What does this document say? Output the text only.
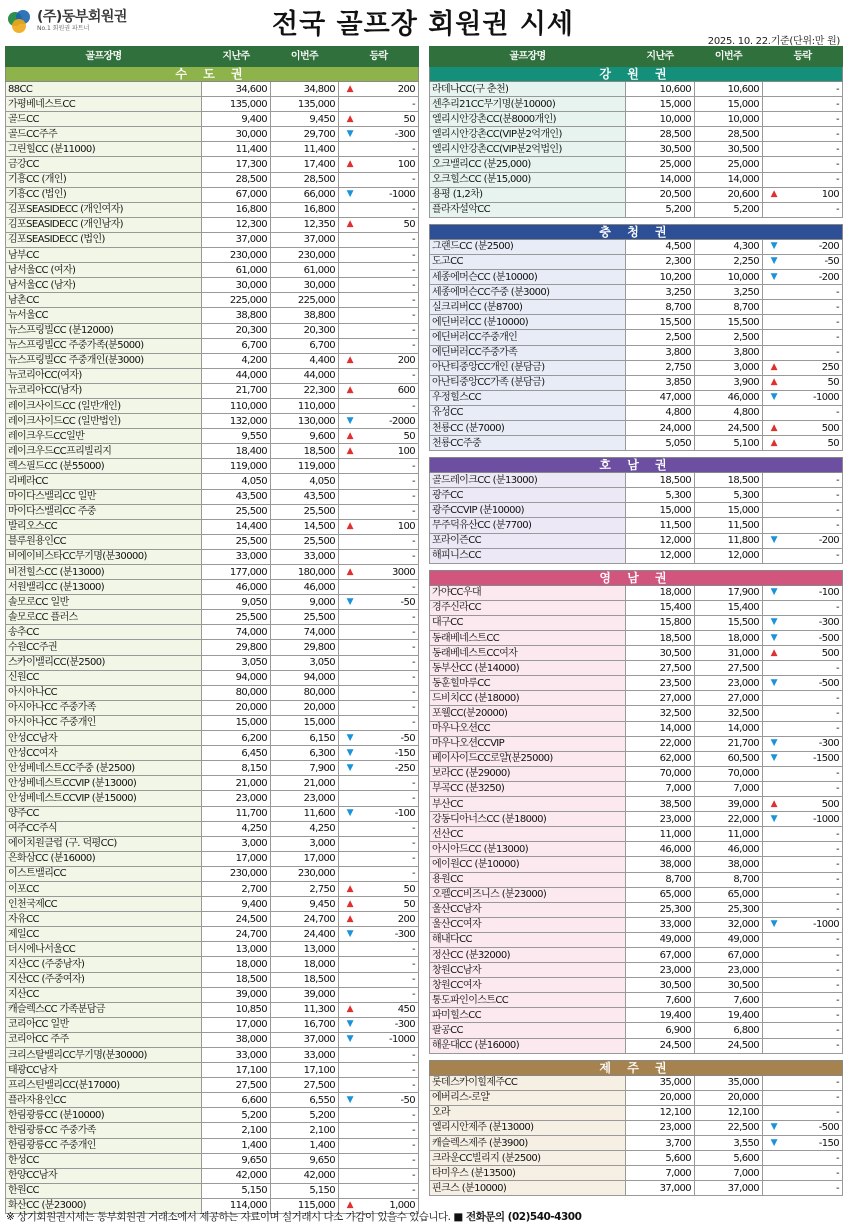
(주)동부회원권
No.1 회원권 파트너	전국 골프장 회원권 시세
2025. 10. 22.기준(단위:만 원)
골프장명	지난주	이번주	등락	
수 도 권				
88CC	34,600	34,800	▲	200
가평베네스트CC	135,000	135,000		-
골드CC	9,400	9,450	▲	50
골드CC주주	30,000	29,700	▼	-300
그린힐CC (분11000)	11,400	11,400		-
금강CC	17,300	17,400	▲	100
기흥CC (개인)	28,500	28,500		-
기흥CC (법인)	67,000	66,000	▼	-1000
김포SEASIDECC (개인여자)	16,800	16,800		-
김포SEASIDECC (개인남자)	12,300	12,350	▲	50
김포SEASIDECC (법인)	37,000	37,000		-
남부CC	230,000	230,000		-
남서울CC (여자)	61,000	61,000		-
남서울CC (남자)	30,000	30,000		-
남촌CC	225,000	225,000		-
뉴서울CC	38,800	38,800		-
뉴스프링빌CC (분12000)	20,300	20,300		-
뉴스프링빌CC 주중가족(분5000)	6,700	6,700		-
뉴스프링빌CC 주중개인(분3000)	4,200	4,400	▲	200
뉴코리아CC(여자)	44,000	44,000		-
뉴코리아CC(남자)	21,700	22,300	▲	600
레이크사이드CC (일반개인)	110,000	110,000		-
레이크사이드CC (일반법인)	132,000	130,000	▼	-2000
레이크우드CC일반	9,550	9,600	▲	50
레이크우드CC프리빌리지	18,400	18,500	▲	100
렉스필드CC (분55000)	119,000	119,000		-
리베라CC	4,050	4,050		-
마이다스밸리CC 일반	43,500	43,500		-
마이다스밸리CC 주중	25,500	25,500		-
발리오스CC	14,400	14,500	▲	100
블루원용인CC	25,500	25,500		-
비에이비스타CC무기명(분30000)	33,000	33,000		-
비전힐스CC (분13000)	177,000	180,000	▲	3000
서원밸리CC (분13000)	46,000	46,000		-
솔모로CC 일반	9,050	9,000	▼	-50
솔모로CC 플러스	25,500	25,500		-
송추CC	74,000	74,000		-
수원CC주권	29,800	29,800		-
스카이밸리CC(분2500)	3,050	3,050		-
신원CC	94,000	94,000		-
아시아나CC	80,000	80,000		-
아시아나CC 주중가족	20,000	20,000		-
아시아나CC 주중개인	15,000	15,000		-
안성CC남자	6,200	6,150	▼	-50
안성CC여자	6,450	6,300	▼	-150
안성베네스트CC주중 (분2500)	8,150	7,900	▼	-250
안성베네스트CCVIP (분13000)	21,000	21,000		-
안성베네스트CCVIP (분15000)	23,000	23,000		-
양주CC	11,700	11,600	▼	-100
여주CC주식	4,250	4,250		-
에이치원클럽 (구. 덕평CC)	3,000	3,000		-
은화삼CC (분16000)	17,000	17,000		-
이스트밸리CC	230,000	230,000		-
이포CC	2,700	2,750	▲	50
인천국제CC	9,400	9,450	▲	50
자유CC	24,500	24,700	▲	200
제일CC	24,700	24,400	▼	-300
더시에나서울CC	13,000	13,000		-
지산CC (주중남자)	18,000	18,000		-
지산CC (주중여자)	18,500	18,500		-
지산CC	39,000	39,000		-
캐슬렉스CC 가족분담금	10,850	11,300	▲	450
코리아CC 일반	17,000	16,700	▼	-300
코리아CC 주주	38,000	37,000	▼	-1000
크리스탈밸리CC무기명(분30000)	33,000	33,000		-
태광CC남자	17,100	17,100		-
프리스틴밸리CC(분17000)	27,500	27,500		-
플라자용인CC	6,600	6,550	▼	-50
한림광릉CC (분10000)	5,200	5,200		-
한림광릉CC 주중가족	2,100	2,100		-
한림광릉CC 주중개인	1,400	1,400		-
한성CC	9,650	9,650		-
한양CC남자	42,000	42,000		-
한원CC	5,150	5,150		-
화산CC (분23000)	114,000	115,000	▲	1,000
골프장명	지난주	이번주	등락	
강 원 권				
라데나CC(구 춘천)	10,600	10,600		-
센추리21CC무기명(분10000)	15,000	15,000		-
엘리시안강촌CC(분8000개인)	10,000	10,000		-
엘리시안강촌CC(VIP분2억개인)	28,500	28,500		-
엘리시안강촌CC(VIP분2억법인)	30,500	30,500		-
오크밸리CC (분25,000)	25,000	25,000		-
오크힐스CC (분15,000)	14,000	14,000		-
용평 (1,2차)	20,500	20,600	▲	100
플라자설악CC	5,200	5,200		-

충 청 권				
그랜드CC (분2500)	4,500	4,300	▼	-200
도고CC	2,300	2,250	▼	-50
세종에머슨CC (분10000)	10,200	10,000	▼	-200
세종에머슨CC주중 (분3000)	3,250	3,250		-
실크리버CC (분8700)	8,700	8,700		-
에딘버러CC (분10000)	15,500	15,500		-
에딘버러CC주중개인	2,500	2,500		-
에딘버러CC주중가족	3,800	3,800		-
아난티중앙CC개인 (분담금)	2,750	3,000	▲	250
아난티중앙CC가족 (분담금)	3,850	3,900	▲	50
우정힐스CC	47,000	46,000	▼	-1000
유성CC	4,800	4,800		-
천룡CC (분7000)	24,000	24,500	▲	500
천룡CC주중	5,050	5,100	▲	50

호 남 권				
골드레이크CC (분13000)	18,500	18,500		-
광주CC	5,300	5,300		-
광주CCVIP (분10000)	15,000	15,000		-
무주덕유산CC (분7700)	11,500	11,500		-
포라이즌CC	12,000	11,800	▼	-200
해피니스CC	12,000	12,000		-

영 남 권				
가야CC우대	18,000	17,900	▼	-100
경주신라CC	15,400	15,400		-
대구CC	15,800	15,500	▼	-300
동래베네스트CC	18,500	18,000	▼	-500
동래베네스트CC여자	30,500	31,000	▲	500
동부산CC (분14000)	27,500	27,500		-
동훈힐마루CC	23,500	23,000	▼	-500
드비치CC (분18000)	27,000	27,000		-
포웰CC(분20000)	32,500	32,500		-
마우나오션CC	14,000	14,000		-
마우나오션CCVIP	22,000	21,700	▼	-300
베이사이드CC로얄(분25000)	62,000	60,500	▼	-1500
보라CC (분29000)	70,000	70,000		-
부곡CC (분3250)	7,000	7,000		-
부산CC	38,500	39,000	▲	500
강동디아너스CC (분18000)	23,000	22,000	▼	-1000
선산CC	11,000	11,000		-
아시아드CC (분13000)	46,000	46,000		-
에이원CC (분10000)	38,000	38,000		-
용원CC	8,700	8,700		-
오펠CC비즈니스 (분23000)	65,000	65,000		-
울산CC남자	25,300	25,300		-
울산CC여자	33,000	32,000	▼	-1000
해내다CC	49,000	49,000		-
정산CC (분32000)	67,000	67,000		-
창원CC남자	23,000	23,000		-
창원CC여자	30,500	30,500		-
통도파인이스트CC	7,600	7,600		-
파미힐스CC	19,400	19,400		-
팔공CC	6,900	6,800		-
해운대CC (분16000)	24,500	24,500		-

제 주 권				
롯데스카이힐제주CC	35,000	35,000		-
에버리스-로얄	20,000	20,000		-
오라	12,100	12,100		-
엘리시안제주 (분13000)	23,000	22,500	▼	-500
캐슬렉스제주 (분3900)	3,700	3,550	▼	-150
크라운CC빌리지 (분2500)	5,600	5,600		-
타미우스 (분13500)	7,000	7,000		-
핀크스 (분10000)	37,000	37,000		-
※ 상기회원권시세는 동부회원권 거래소에서 제공하는 자료이며 실거래시 다소 가감이 있을수 있습니다. ■ 전화문의 (02)540-4300
